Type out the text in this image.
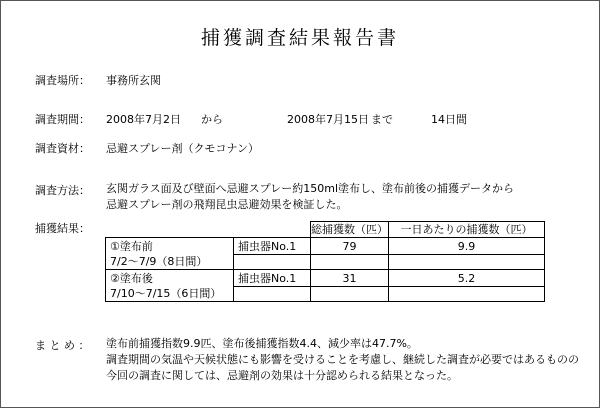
捕獲調査結果報告書
調査場所： 事務所玄関
調査期間： 2008年7月2日 から	2008年7月15日 まで	14日間
調査資材： 忌避スプレー剤（クモコナン）
調査方法： 玄関ガラス面及び壁面へ忌避スプレー約150ml塗布し、塗布前後の捕獲データから
忌避スプレー剤の飛翔昆虫忌避効果を検証した。
捕獲結果：
			総捕獲数（匹）	一日あたりの捕獲数（匹）

①塗布前
7/2～7/9（8日間）	捕虫器No.1	79	9.9

②塗布後
7/10～7/15（6日間）	捕虫器No.1	31	5.2

ま と め ： 塗布前捕獲指数9.9匹、塗布後捕獲指数4.4、減少率は47.7%。
調査期間の気温や天候状態にも影響を受けることを考慮し、継続した調査が必要ではあるものの
今回の調査に関しては、忌避剤の効果は十分認められる結果となった。
